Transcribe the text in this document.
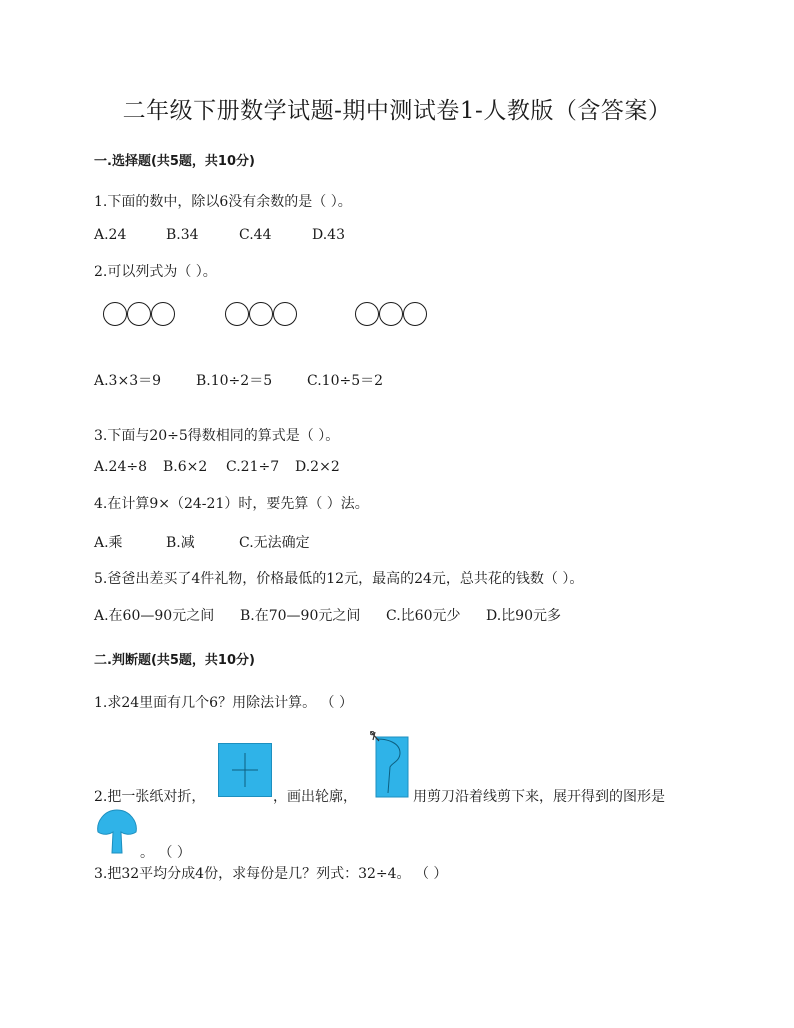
二年级下册数学试题-期中测试卷1-人教版（含答案）
一.选择题(共5题，共10分)
1.下面的数中，除以6没有余数的是（ ）。
A.24	B.34	C.44	D.43
2.可以列式为（ ）。
A.3×3＝9 B.10÷2＝5 C.10÷5＝2
3.下面与20÷5得数相同的算式是（ ）。
A.24÷8 B.6×2 C.21÷7 D.2×2
4.在计算9×（24-21）时，要先算（ ）法。
A.乘	B.减	C.无法确定
5.爸爸出差买了4件礼物，价格最低的12元，最高的24元，总共花的钱数（ ）。
A.在60—90元之间 B.在70—90元之间 C.比60元少 D.比90元多
二.判断题(共5题，共10分)
1.求24里面有几个6？用除法计算。 （ ）
2.把一张纸对折，	，画出轮廓，	用剪刀沿着线剪下来，展开得到的图形是
。 （ ）
3.把32平均分成4份，求每份是几？列式：32÷4。 （ ）
